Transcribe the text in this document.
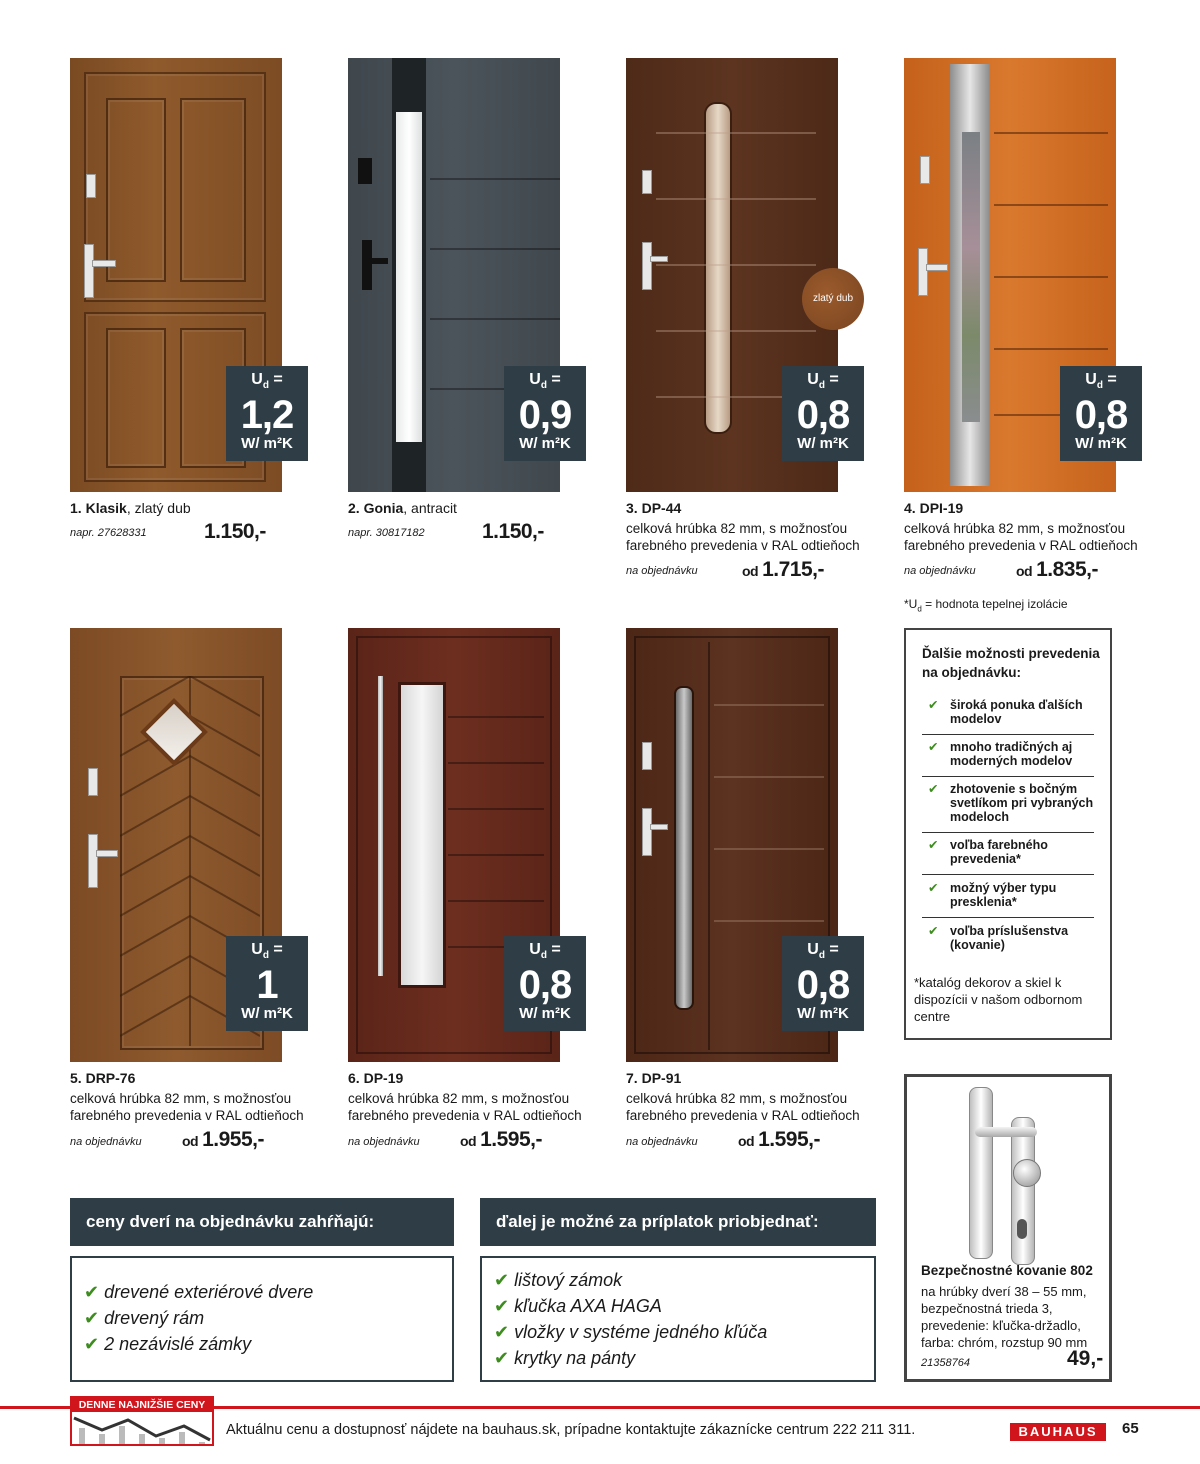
$U_d$ =
1,2
W/ m²K
1. Klasik, zlatý dub
napr. 27628331	1.150,-
$U_d$ =
0,9
W/ m²K
2. Gonia, antracit
napr. 30817182	1.150,-
zlatý dub
$U_d$ =
0,8
W/ m²K
3. DP-44
celková hrúbka 82 mm, s možnosťou farebného prevedenia v RAL odtieňoch
na objednávku	od 1.715,-
$U_d$ =
0,8
W/ m²K
4. DPI-19
celková hrúbka 82 mm, s možnosťou farebného prevedenia v RAL odtieňoch
na objednávku	od 1.835,-
$*U_d$ = hodnota tepelnej izolácie
$U_d$ =
1
W/ m²K
5. DRP-76
celková hrúbka 82 mm, s možnosťou farebného prevedenia v RAL odtieňoch
na objednávku	od 1.955,-
$U_d$ =
0,8
W/ m²K
6. DP-19
celková hrúbka 82 mm, s možnosťou farebného prevedenia v RAL odtieňoch
na objednávku	od 1.595,-
$U_d$ =
0,8
W/ m²K
7. DP-91
celková hrúbka 82 mm, s možnosťou farebného prevedenia v RAL odtieňoch
na objednávku	od 1.595,-
Ďalšie možnosti prevedenia na objednávku:
✔ široká ponuka ďalších modelov
✔ mnoho tradičných aj moderných modelov
✔ zhotovenie s bočným svetlíkom pri vybraných modeloch
✔ voľba farebného prevedenia*
✔ možný výber typu presklenia*
✔ voľba príslušenstva (kovanie)
*katalóg dekorov a skiel k dispozícii v našom odbornom centre
ceny dverí na objednávku zahŕňajú:
✔ drevené exteriérové dvere
✔ drevený rám
✔ 2 nezávislé zámky
ďalej je možné za príplatok priobjednať:
✔ lištový zámok
✔ kľučka AXA HAGA
✔ vložky v systéme jedného kľúča
✔ krytky na pánty
Bezpečnostné kovanie 802
na hrúbky dverí 38 – 55 mm, bezpečnostná trieda 3, prevedenie: kľučka-držadlo, farba: chróm, rozstup 90 mm
21358764	49,-
DENNE NAJNIŽŠIE CENY
Aktuálnu cenu a dostupnosť nájdete na bauhaus.sk, prípadne kontaktujte zákaznícke centrum 222 211 311.	BAUHAUS	65
